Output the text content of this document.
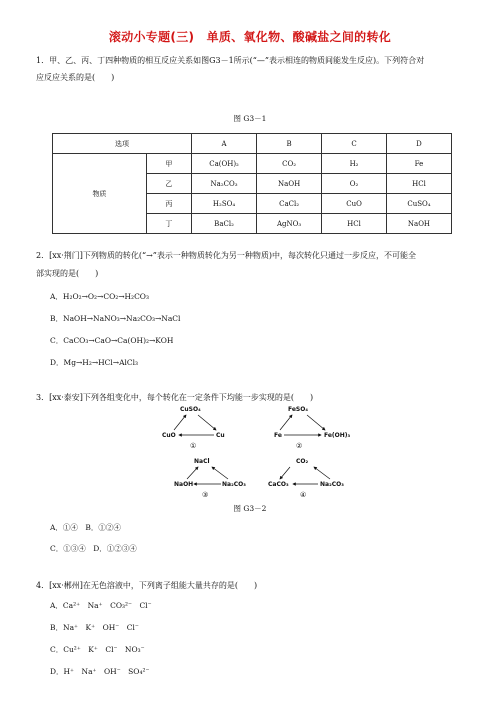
滚动小专题(三)　单质、氧化物、酸碱盐之间的转化
1．甲、乙、丙、丁四种物质的相互反应关系如图G3－1所示(“—”表示相连的物质间能发生反应)。下列符合对
应反应关系的是(　　)
图 G3－1
选项		A	B	C	D
物质	甲	Ca(OH)₂	CO₂	H₂	Fe
	乙	Na₂CO₃	NaOH	O₂	HCl
	丙	H₂SO₄	CaCl₂	CuO	CuSO₄
	丁	BaCl₂	AgNO₃	HCl	NaOH
2．[xx·荆门]下列物质的转化(“→”表示一种物质转化为另一种物质)中，每次转化只通过一步反应，不可能全
部实现的是(　　)
A．H₂O₂→O₂→CO₂→H₂CO₃
B．NaOH→NaNO₃→Na₂CO₃→NaCl
C．CaCO₃→CaO→Ca(OH)₂→KOH
D．Mg→H₂→HCl→AlCl₃
3．[xx·泰安]下列各组变化中，每个转化在一定条件下均能一步实现的是(　　)
CuSO₄
CuO	Cu
①
FeSO₄
Fe	Fe(OH)₃
②
NaCl
NaOH	Na₂CO₃
③
CO₂
CaCO₃	Na₂CO₃
④
图 G3－2
A．①④　B．①②④
C．①③④　D．①②③④
4．[xx·郴州]在无色溶液中，下列离子组能大量共存的是(　　)
A．Ca²⁺　Na⁺　CO₃²⁻　Cl⁻
B．Na⁺　K⁺　OH⁻　Cl⁻
C．Cu²⁺　K⁺　Cl⁻　NO₃⁻
D．H⁺　Na⁺　OH⁻　SO₄²⁻
